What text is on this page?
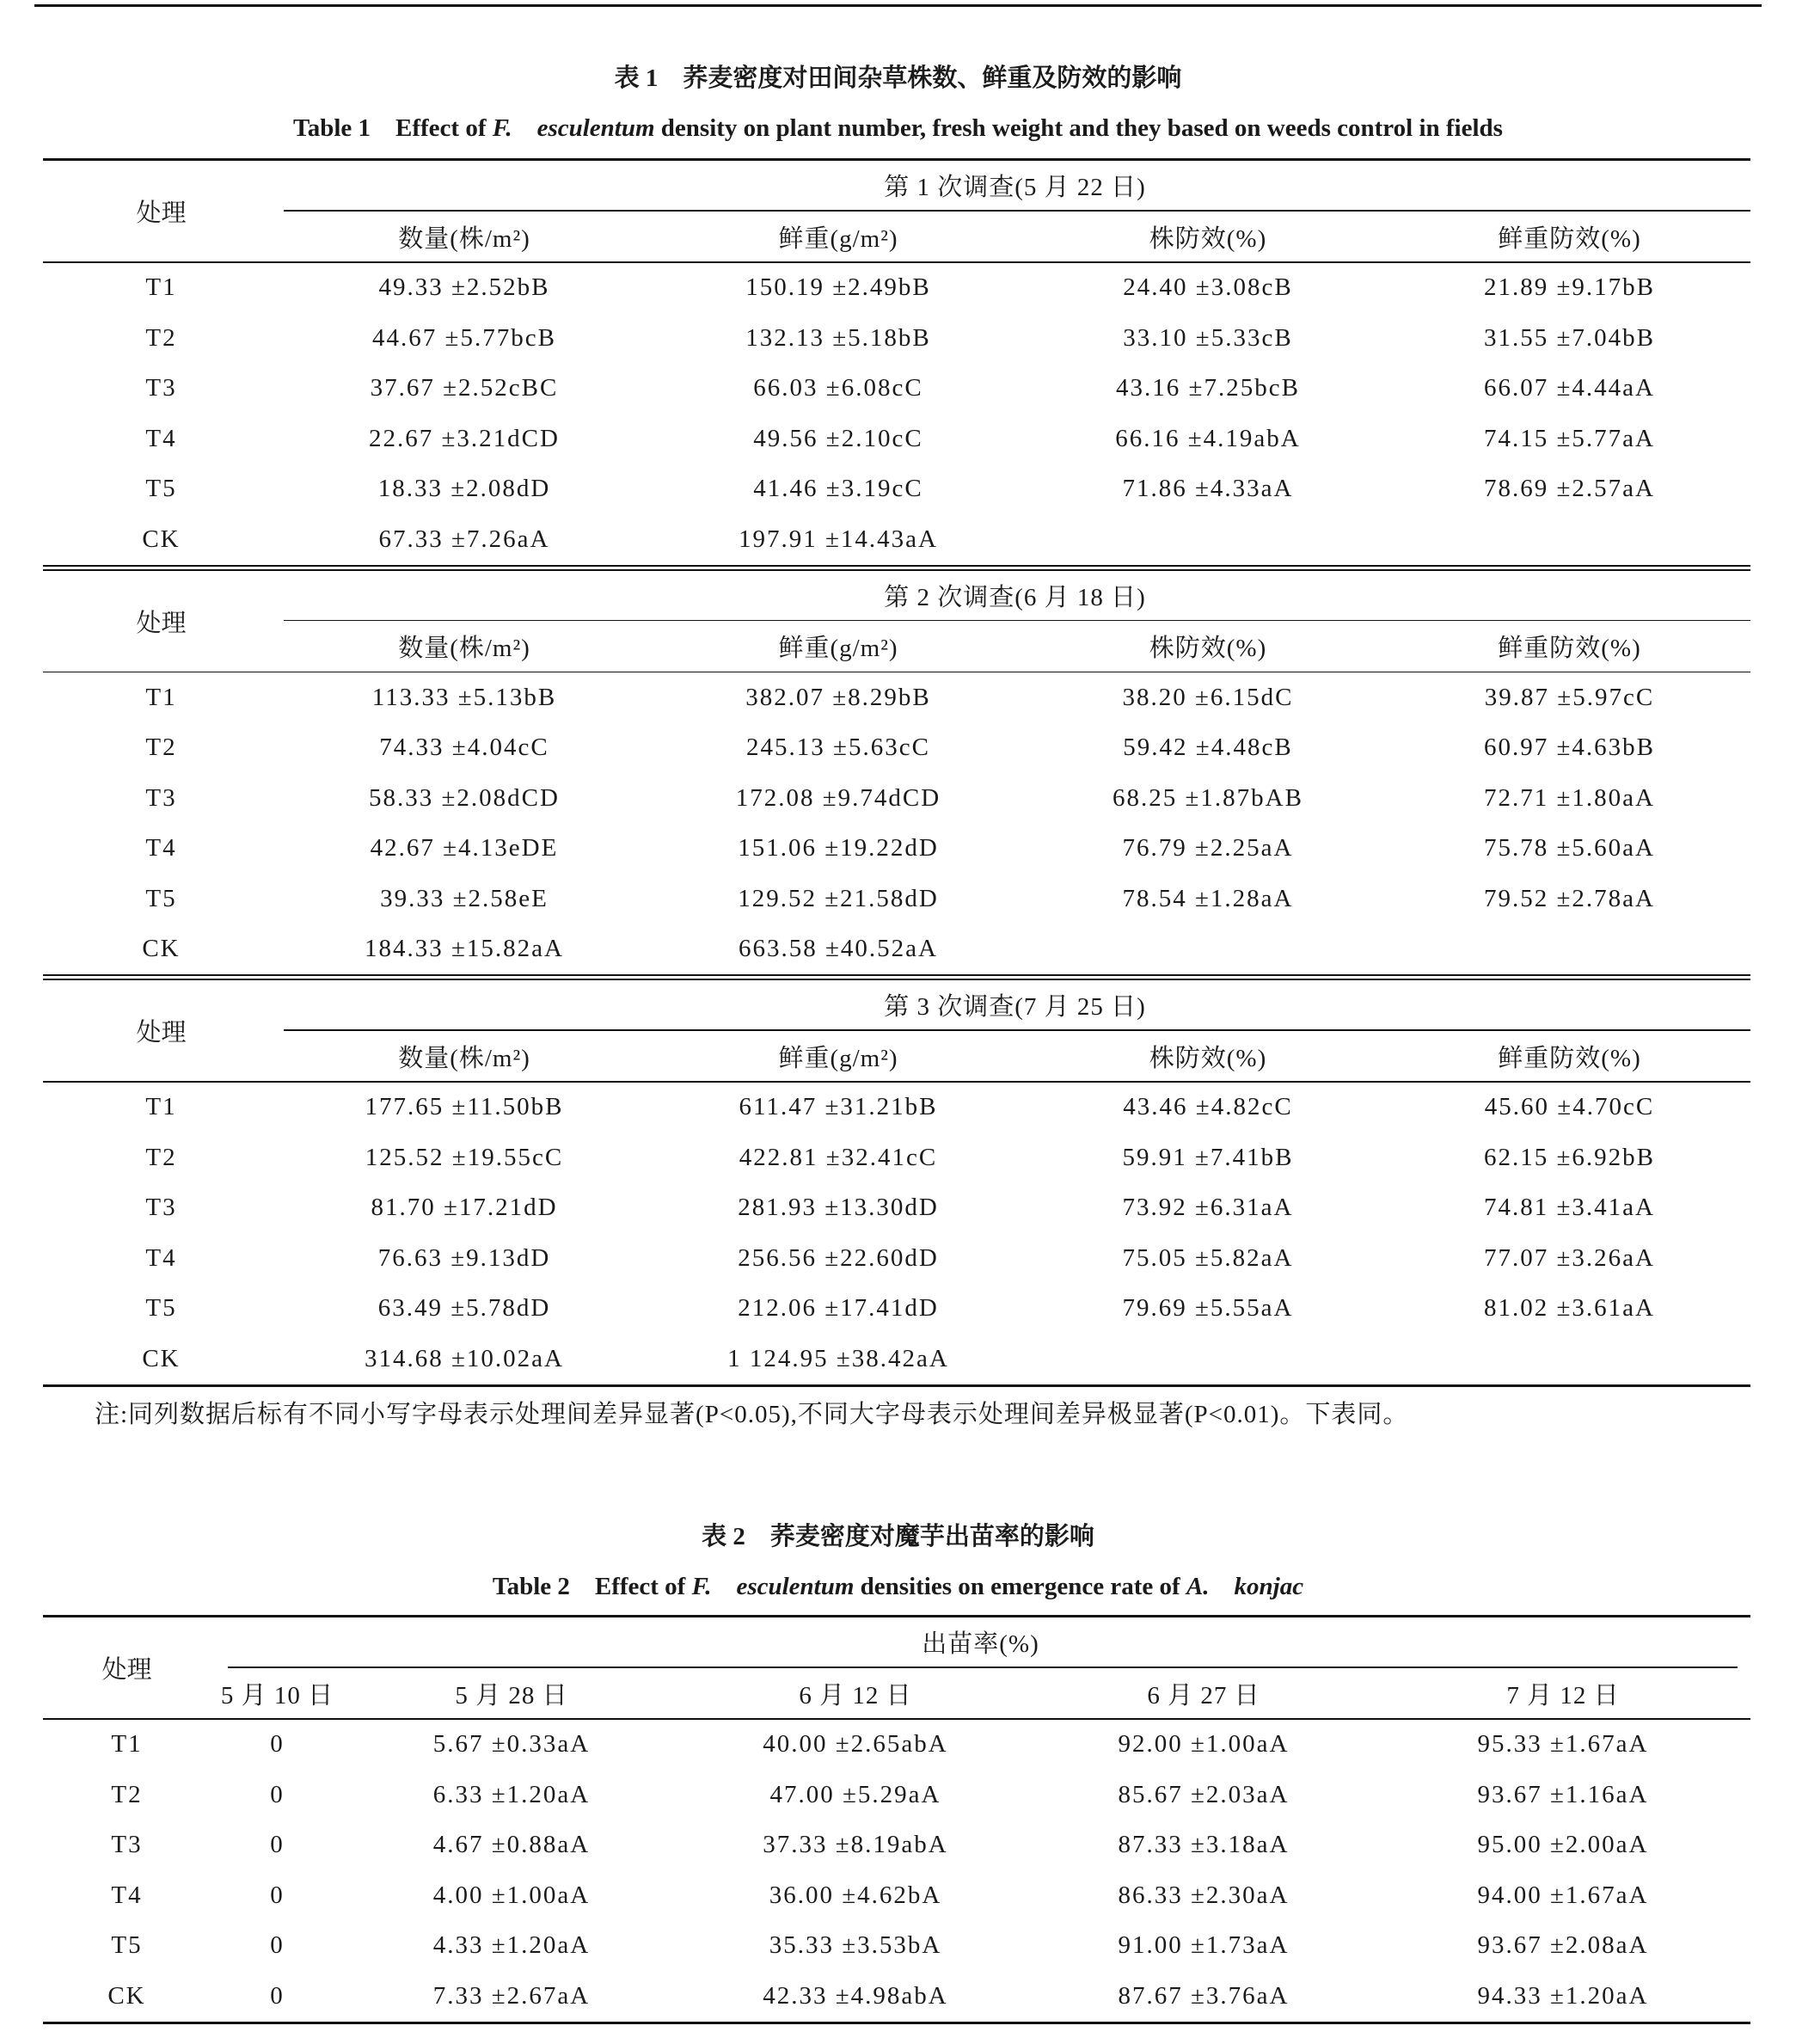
表 1　荞麦密度对田间杂草株数、鲜重及防效的影响
Table 1　Effect of F.　esculentum density on plant number, fresh weight and they based on weeds control in fields
处理
第 1 次调查(5 月 22 日)
数量(株/m²)	鲜重(g/m²)	株防效(%)	鲜重防效(%)
T1	49.33 ±2.52bB	150.19 ±2.49bB	24.40 ±3.08cB	21.89 ±9.17bB
T2	44.67 ±5.77bcB	132.13 ±5.18bB	33.10 ±5.33cB	31.55 ±7.04bB
T3	37.67 ±2.52cBC	66.03 ±6.08cC	43.16 ±7.25bcB	66.07 ±4.44aA
T4	22.67 ±3.21dCD	49.56 ±2.10cC	66.16 ±4.19abA	74.15 ±5.77aA
T5	18.33 ±2.08dD	41.46 ±3.19cC	71.86 ±4.33aA	78.69 ±2.57aA
CK	67.33 ±7.26aA	197.91 ±14.43aA
处理
第 2 次调查(6 月 18 日)
数量(株/m²)	鲜重(g/m²)	株防效(%)	鲜重防效(%)
T1	113.33 ±5.13bB	382.07 ±8.29bB	38.20 ±6.15dC	39.87 ±5.97cC
T2	74.33 ±4.04cC	245.13 ±5.63cC	59.42 ±4.48cB	60.97 ±4.63bB
T3	58.33 ±2.08dCD	172.08 ±9.74dCD	68.25 ±1.87bAB	72.71 ±1.80aA
T4	42.67 ±4.13eDE	151.06 ±19.22dD	76.79 ±2.25aA	75.78 ±5.60aA
T5	39.33 ±2.58eE	129.52 ±21.58dD	78.54 ±1.28aA	79.52 ±2.78aA
CK	184.33 ±15.82aA	663.58 ±40.52aA
处理
第 3 次调查(7 月 25 日)
数量(株/m²)	鲜重(g/m²)	株防效(%)	鲜重防效(%)
T1	177.65 ±11.50bB	611.47 ±31.21bB	43.46 ±4.82cC	45.60 ±4.70cC
T2	125.52 ±19.55cC	422.81 ±32.41cC	59.91 ±7.41bB	62.15 ±6.92bB
T3	81.70 ±17.21dD	281.93 ±13.30dD	73.92 ±6.31aA	74.81 ±3.41aA
T4	76.63 ±9.13dD	256.56 ±22.60dD	75.05 ±5.82aA	77.07 ±3.26aA
T5	63.49 ±5.78dD	212.06 ±17.41dD	79.69 ±5.55aA	81.02 ±3.61aA
CK	314.68 ±10.02aA	1 124.95 ±38.42aA
注:同列数据后标有不同小写字母表示处理间差异显著(P<0.05),不同大字母表示处理间差异极显著(P<0.01)。下表同。
表 2　荞麦密度对魔芋出苗率的影响
Table 2　Effect of F.　esculentum densities on emergence rate of A.　konjac
处理
出苗率(%)
5 月 10 日	5 月 28 日	6 月 12 日	6 月 27 日	7 月 12 日
T1	0	5.67 ±0.33aA	40.00 ±2.65abA	92.00 ±1.00aA	95.33 ±1.67aA
T2	0	6.33 ±1.20aA	47.00 ±5.29aA	85.67 ±2.03aA	93.67 ±1.16aA
T3	0	4.67 ±0.88aA	37.33 ±8.19abA	87.33 ±3.18aA	95.00 ±2.00aA
T4	0	4.00 ±1.00aA	36.00 ±4.62bA	86.33 ±2.30aA	94.00 ±1.67aA
T5	0	4.33 ±1.20aA	35.33 ±3.53bA	91.00 ±1.73aA	93.67 ±2.08aA
CK	0	7.33 ±2.67aA	42.33 ±4.98abA	87.67 ±3.76aA	94.33 ±1.20aA
